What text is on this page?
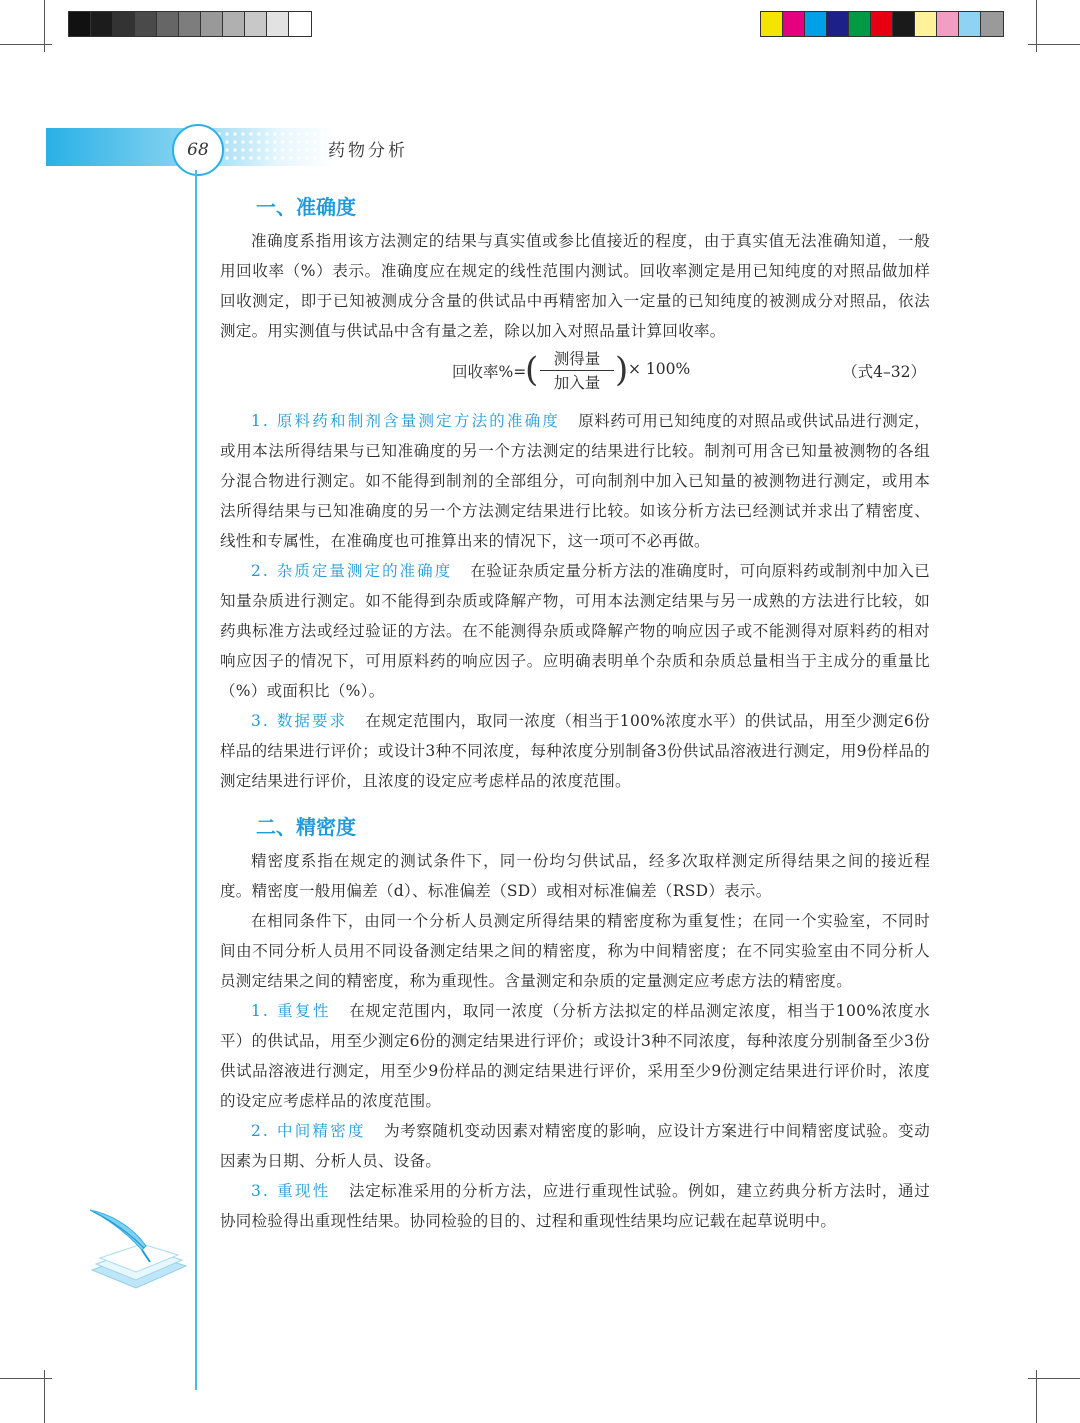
68	药物分析
一、准确度

准确度系指用该方法测定的结果与真实值或参比值接近的程度，由于真实值无法准确知道，一般用回收率（%）表示。准确度应在规定的线性范围内测试。回收率测定是用已知纯度的对照品做加样回收测定，即于已知被测成分含量的供试品中再精密加入一定量的已知纯度的被测成分对照品，依法测定。用实测值与供试品中含有量之差，除以加入对照品量计算回收率。

回收率%=
( 测得量
加入量 ) × 100%	（式4–32）

1. 原料药和制剂含量测定方法的准确度 原料药可用已知纯度的对照品或供试品进行测定，或用本法所得结果与已知准确度的另一个方法测定的结果进行比较。制剂可用含已知量被测物的各组分混合物进行测定。如不能得到制剂的全部组分，可向制剂中加入已知量的被测物进行测定，或用本法所得结果与已知准确度的另一个方法测定结果进行比较。如该分析方法已经测试并求出了精密度、线性和专属性，在准确度也可推算出来的情况下，这一项可不必再做。

2. 杂质定量测定的准确度 在验证杂质定量分析方法的准确度时，可向原料药或制剂中加入已知量杂质进行测定。如不能得到杂质或降解产物，可用本法测定结果与另一成熟的方法进行比较，如药典标准方法或经过验证的方法。在不能测得杂质或降解产物的响应因子或不能测得对原料药的相对响应因子的情况下，可用原料药的响应因子。应明确表明单个杂质和杂质总量相当于主成分的重量比（%）或面积比（%）。

3. 数据要求 在规定范围内，取同一浓度（相当于100%浓度水平）的供试品，用至少测定6份样品的结果进行评价；或设计3种不同浓度，每种浓度分别制备3份供试品溶液进行测定，用9份样品的测定结果进行评价，且浓度的设定应考虑样品的浓度范围。

二、精密度

精密度系指在规定的测试条件下，同一份均匀供试品，经多次取样测定所得结果之间的接近程度。精密度一般用偏差（d）、标准偏差（SD）或相对标准偏差（RSD）表示。

在相同条件下，由同一个分析人员测定所得结果的精密度称为重复性；在同一个实验室，不同时间由不同分析人员用不同设备测定结果之间的精密度，称为中间精密度；在不同实验室由不同分析人员测定结果之间的精密度，称为重现性。含量测定和杂质的定量测定应考虑方法的精密度。

1. 重复性 在规定范围内，取同一浓度（分析方法拟定的样品测定浓度，相当于100%浓度水平）的供试品，用至少测定6份的测定结果进行评价；或设计3种不同浓度，每种浓度分别制备至少3份供试品溶液进行测定，用至少9份样品的测定结果进行评价，采用至少9份测定结果进行评价时，浓度的设定应考虑样品的浓度范围。

2. 中间精密度 为考察随机变动因素对精密度的影响，应设计方案进行中间精密度试验。变动因素为日期、分析人员、设备。

3. 重现性 法定标准采用的分析方法，应进行重现性试验。例如，建立药典分析方法时，通过协同检验得出重现性结果。协同检验的目的、过程和重现性结果均应记载在起草说明中。
